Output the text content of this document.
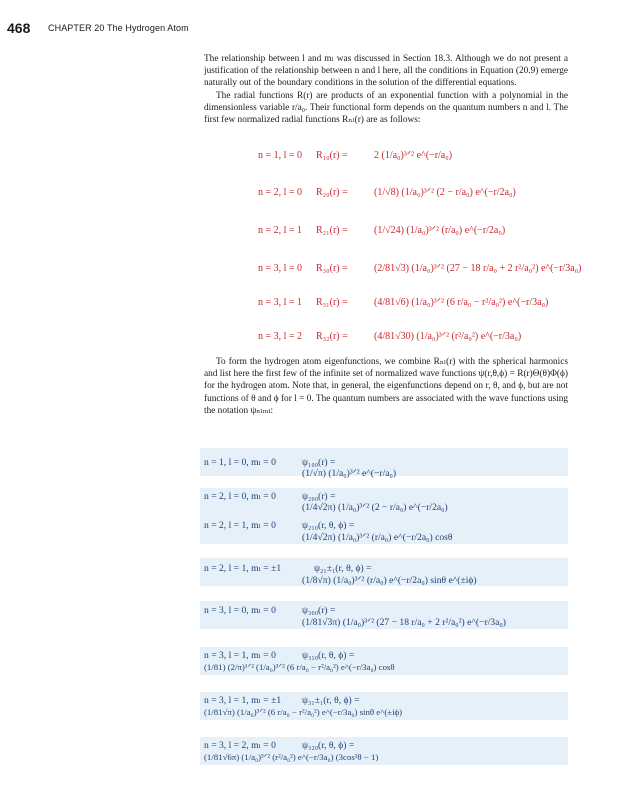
468 CHAPTER 20 The Hydrogen Atom

The relationship between l and mₗ was discussed in Section 18.3. Although we do not present a justification of the relationship between n and l here, all the conditions in Equation (20.9) emerge naturally out of the boundary conditions in the solution of the differential equations.

The radial functions R(r) are products of an exponential function with a polynomial in the dimensionless variable r/a₀. Their functional form depends on the quantum numbers n and l. The first few normalized radial functions Rₙₗ(r) are as follows:

n = 1, l = 0 R₁₀(r) =	2 (1/a₀)³ᐟ² e^(−r/a₀)
n = 2, l = 0 R₂₀(r) =	(1/√8) (1/a₀)³ᐟ² (2 − r/a₀) e^(−r/2a₀)
n = 2, l = 1 R₂₁(r) =	(1/√24) (1/a₀)³ᐟ² (r/a₀) e^(−r/2a₀)
n = 3, l = 0 R₃₀(r) =	(2/81√3) (1/a₀)³ᐟ² (27 − 18 r/a₀ + 2 r²/a₀²) e^(−r/3a₀)
n = 3, l = 1 R₃₁(r) =	(4/81√6) (1/a₀)³ᐟ² (6 r/a₀ − r²/a₀²) e^(−r/3a₀)
n = 3, l = 2 R₃₂(r) =	(4/81√30) (1/a₀)³ᐟ² (r²/a₀²) e^(−r/3a₀)

To form the hydrogen atom eigenfunctions, we combine Rₙₗ(r) with the spherical harmonics and list here the first few of the infinite set of normalized wave functions ψ(r,θ,ϕ) = R(r)Θ(θ)Φ(ϕ) for the hydrogen atom. Note that, in general, the eigenfunctions depend on r, θ, and ϕ, but are not functions of θ and ϕ for l = 0. The quantum numbers are associated with the wave functions using the notation ψₙₗₘₗ:

n = 1, l = 0, mₗ = 0	ψ₁₀₀(r) =
(1/√π) (1/a₀)³ᐟ² e^(−r/a₀)
n = 2, l = 0, mₗ = 0	ψ₂₀₀(r) =
(1/4√2π) (1/a₀)³ᐟ² (2 − r/a₀) e^(−r/2a₀)
n = 2, l = 1, mₗ = 0	ψ₂₁₀(r, θ, ϕ) =
(1/4√2π) (1/a₀)³ᐟ² (r/a₀) e^(−r/2a₀) cosθ
n = 2, l = 1, mₗ = ±1	ψ₂₁±₁(r, θ, ϕ) =
(1/8√π) (1/a₀)³ᐟ² (r/a₀) e^(−r/2a₀) sinθ e^(±iϕ)
n = 3, l = 0, mₗ = 0	ψ₃₀₀(r) =
(1/81√3π) (1/a₀)³ᐟ² (27 − 18 r/a₀ + 2 r²/a₀²) e^(−r/3a₀)
n = 3, l = 1, mₗ = 0	ψ₃₁₀(r, θ, ϕ) =
(1/81) (2/π)¹ᐟ² (1/a₀)³ᐟ² (6 r/a₀ − r²/a₀²) e^(−r/3a₀) cosθ
n = 3, l = 1, mₗ = ±1 ψ₃₁±₁(r, θ, ϕ) =
(1/81√π) (1/a₀)³ᐟ² (6 r/a₀ − r²/a₀²) e^(−r/3a₀) sinθ e^(±iϕ)
n = 3, l = 2, mₗ = 0	ψ₃₂₀(r, θ, ϕ) =
(1/81√6π) (1/a₀)³ᐟ² (r²/a₀²) e^(−r/3a₀) (3cos²θ − 1)
